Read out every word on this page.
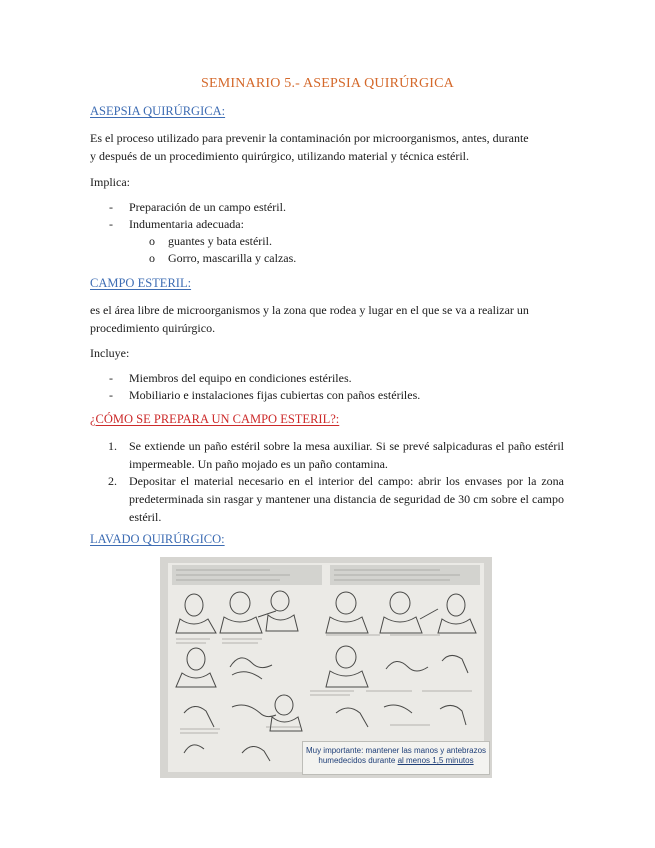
SEMINARIO 5.- ASEPSIA QUIRÚRGICA
ASEPSIA QUIRÚRGICA:
Es el proceso utilizado para prevenir la contaminación por microorganismos, antes, durante
y después de un procedimiento quirúrgico, utilizando material y técnica estéril.
Implica:
- Preparación de un campo estéril.
- Indumentaria adecuada:
o guantes y bata estéril.
o Gorro, mascarilla y calzas.
CAMPO ESTERIL:
es el área libre de microorganismos y la zona que rodea y lugar en el que se va a realizar un
procedimiento quirúrgico.
Incluye:
- Miembros del equipo en condiciones estériles.
- Mobiliario e instalaciones fijas cubiertas con paños estériles.
¿CÓMO SE PREPARA UN CAMPO ESTERIL?:
1. Se extiende un paño estéril sobre la mesa auxiliar. Si se prevé salpicaduras el paño estéril impermeable. Un paño mojado es un paño contamina.
2. Depositar el material necesario en el interior del campo: abrir los envases por la zona predeterminada sin rasgar y mantener una distancia de seguridad de 30 cm sobre el campo estéril.
LAVADO QUIRÚRGICO:
Muy importante: mantener las manos y antebrazos
humedecidos durante al menos 1,5 minutos
